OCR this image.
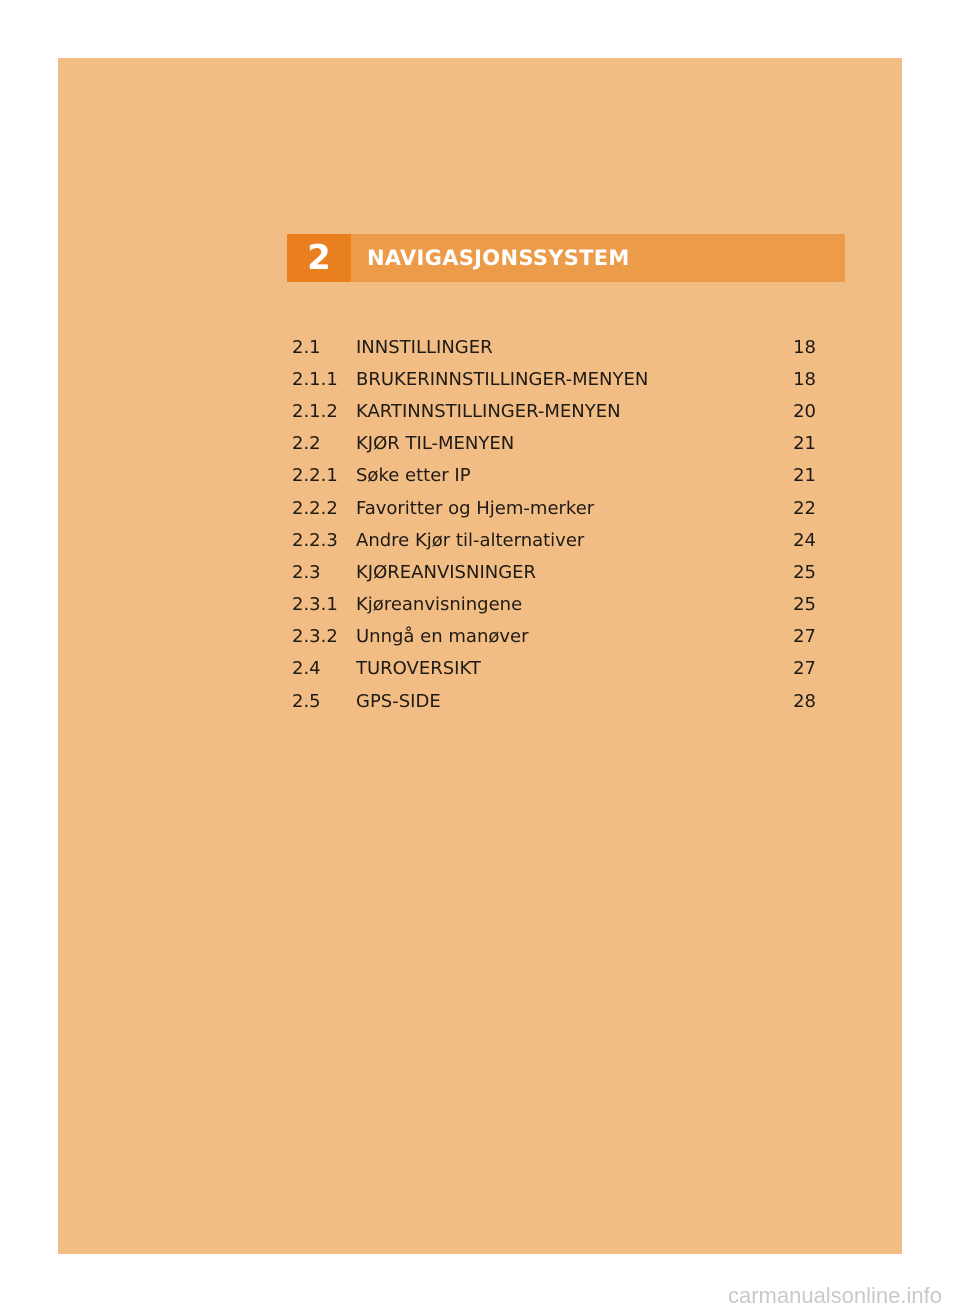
2	NAVIGASJONSSYSTEM
2.1	INNSTILLINGER	18
2.1.1	BRUKERINNSTILLINGER-MENYEN	18
2.1.2	KARTINNSTILLINGER-MENYEN	20
2.2	KJØR TIL-MENYEN	21
2.2.1	Søke etter IP	21
2.2.2	Favoritter og Hjem-merker	22
2.2.3	Andre Kjør til-alternativer	24
2.3	KJØREANVISNINGER	25
2.3.1	Kjøreanvisningene	25
2.3.2	Unngå en manøver	27
2.4	TUROVERSIKT	27
2.5	GPS-SIDE	28
carmanualsonline.info
